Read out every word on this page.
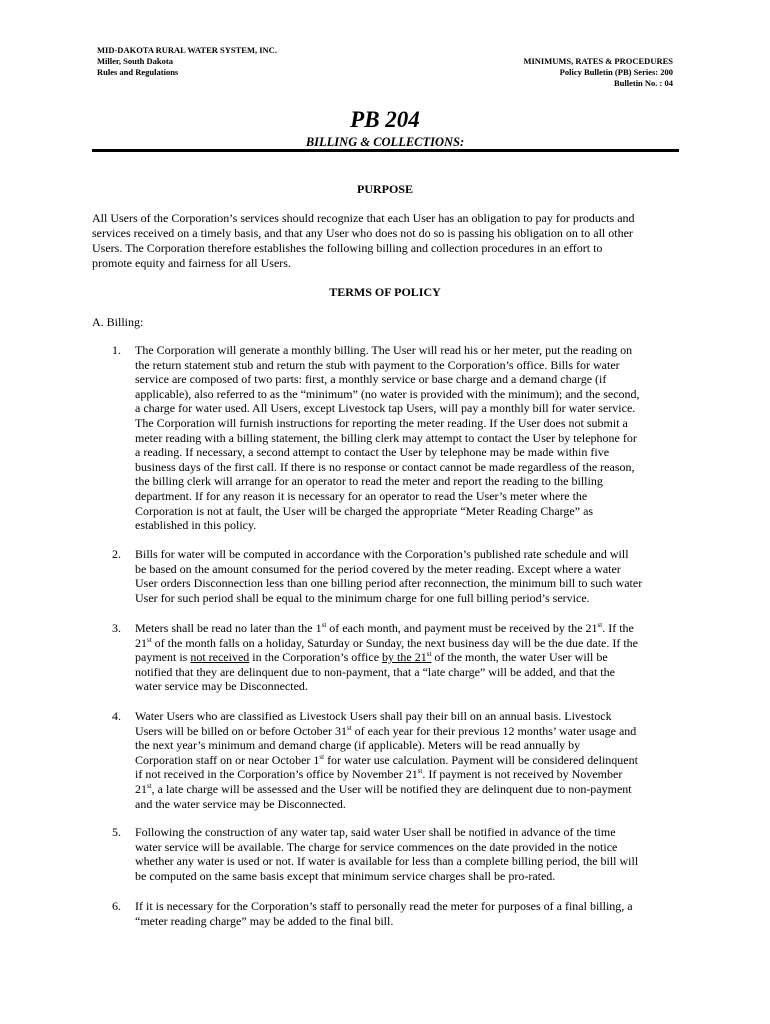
MID-DAKOTA RURAL WATER SYSTEM, INC.
Miller, South Dakota
Rules and Regulations
MINIMUMS, RATES & PROCEDURES
Policy Bulletin (PB) Series: 200
Bulletin No. : 04
PB 204
BILLING & COLLECTIONS:
PURPOSE
All Users of the Corporation’s services should recognize that each User has an obligation to pay for products and
services received on a timely basis, and that any User who does not do so is passing his obligation on to all other
Users. The Corporation therefore establishes the following billing and collection procedures in an effort to
promote equity and fairness for all Users.
TERMS OF POLICY
A. Billing:
1.	The Corporation will generate a monthly billing. The User will read his or her meter, put the reading on
the return statement stub and return the stub with payment to the Corporation’s office. Bills for water
service are composed of two parts: first, a monthly service or base charge and a demand charge (if
applicable), also referred to as the “minimum” (no water is provided with the minimum); and the second,
a charge for water used. All Users, except Livestock tap Users, will pay a monthly bill for water service.
The Corporation will furnish instructions for reporting the meter reading. If the User does not submit a
meter reading with a billing statement, the billing clerk may attempt to contact the User by telephone for
a reading. If necessary, a second attempt to contact the User by telephone may be made within five
business days of the first call. If there is no response or contact cannot be made regardless of the reason,
the billing clerk will arrange for an operator to read the meter and report the reading to the billing
department. If for any reason it is necessary for an operator to read the User’s meter where the
Corporation is not at fault, the User will be charged the appropriate “Meter Reading Charge” as
established in this policy.
2.	Bills for water will be computed in accordance with the Corporation’s published rate schedule and will
be based on the amount consumed for the period covered by the meter reading. Except where a water
User orders Disconnection less than one billing period after reconnection, the minimum bill to such water
User for such period shall be equal to the minimum charge for one full billing period’s service.
3.	Meters shall be read no later than the 1st of each month, and payment must be received by the 21st. If the
21st of the month falls on a holiday, Saturday or Sunday, the next business day will be the due date. If the
payment is not received in the Corporation’s office by the 21st of the month, the water User will be
notified that they are delinquent due to non-payment, that a “late charge” will be added, and that the
water service may be Disconnected.
4.	Water Users who are classified as Livestock Users shall pay their bill on an annual basis. Livestock
Users will be billed on or before October 31st of each year for their previous 12 months’ water usage and
the next year’s minimum and demand charge (if applicable). Meters will be read annually by
Corporation staff on or near October 1st for water use calculation. Payment will be considered delinquent
if not received in the Corporation’s office by November 21st. If payment is not received by November
21st, a late charge will be assessed and the User will be notified they are delinquent due to non-payment
and the water service may be Disconnected.
5.	Following the construction of any water tap, said water User shall be notified in advance of the time
water service will be available. The charge for service commences on the date provided in the notice
whether any water is used or not. If water is available for less than a complete billing period, the bill will
be computed on the same basis except that minimum service charges shall be pro-rated.
6.	If it is necessary for the Corporation’s staff to personally read the meter for purposes of a final billing, a
“meter reading charge” may be added to the final bill.
